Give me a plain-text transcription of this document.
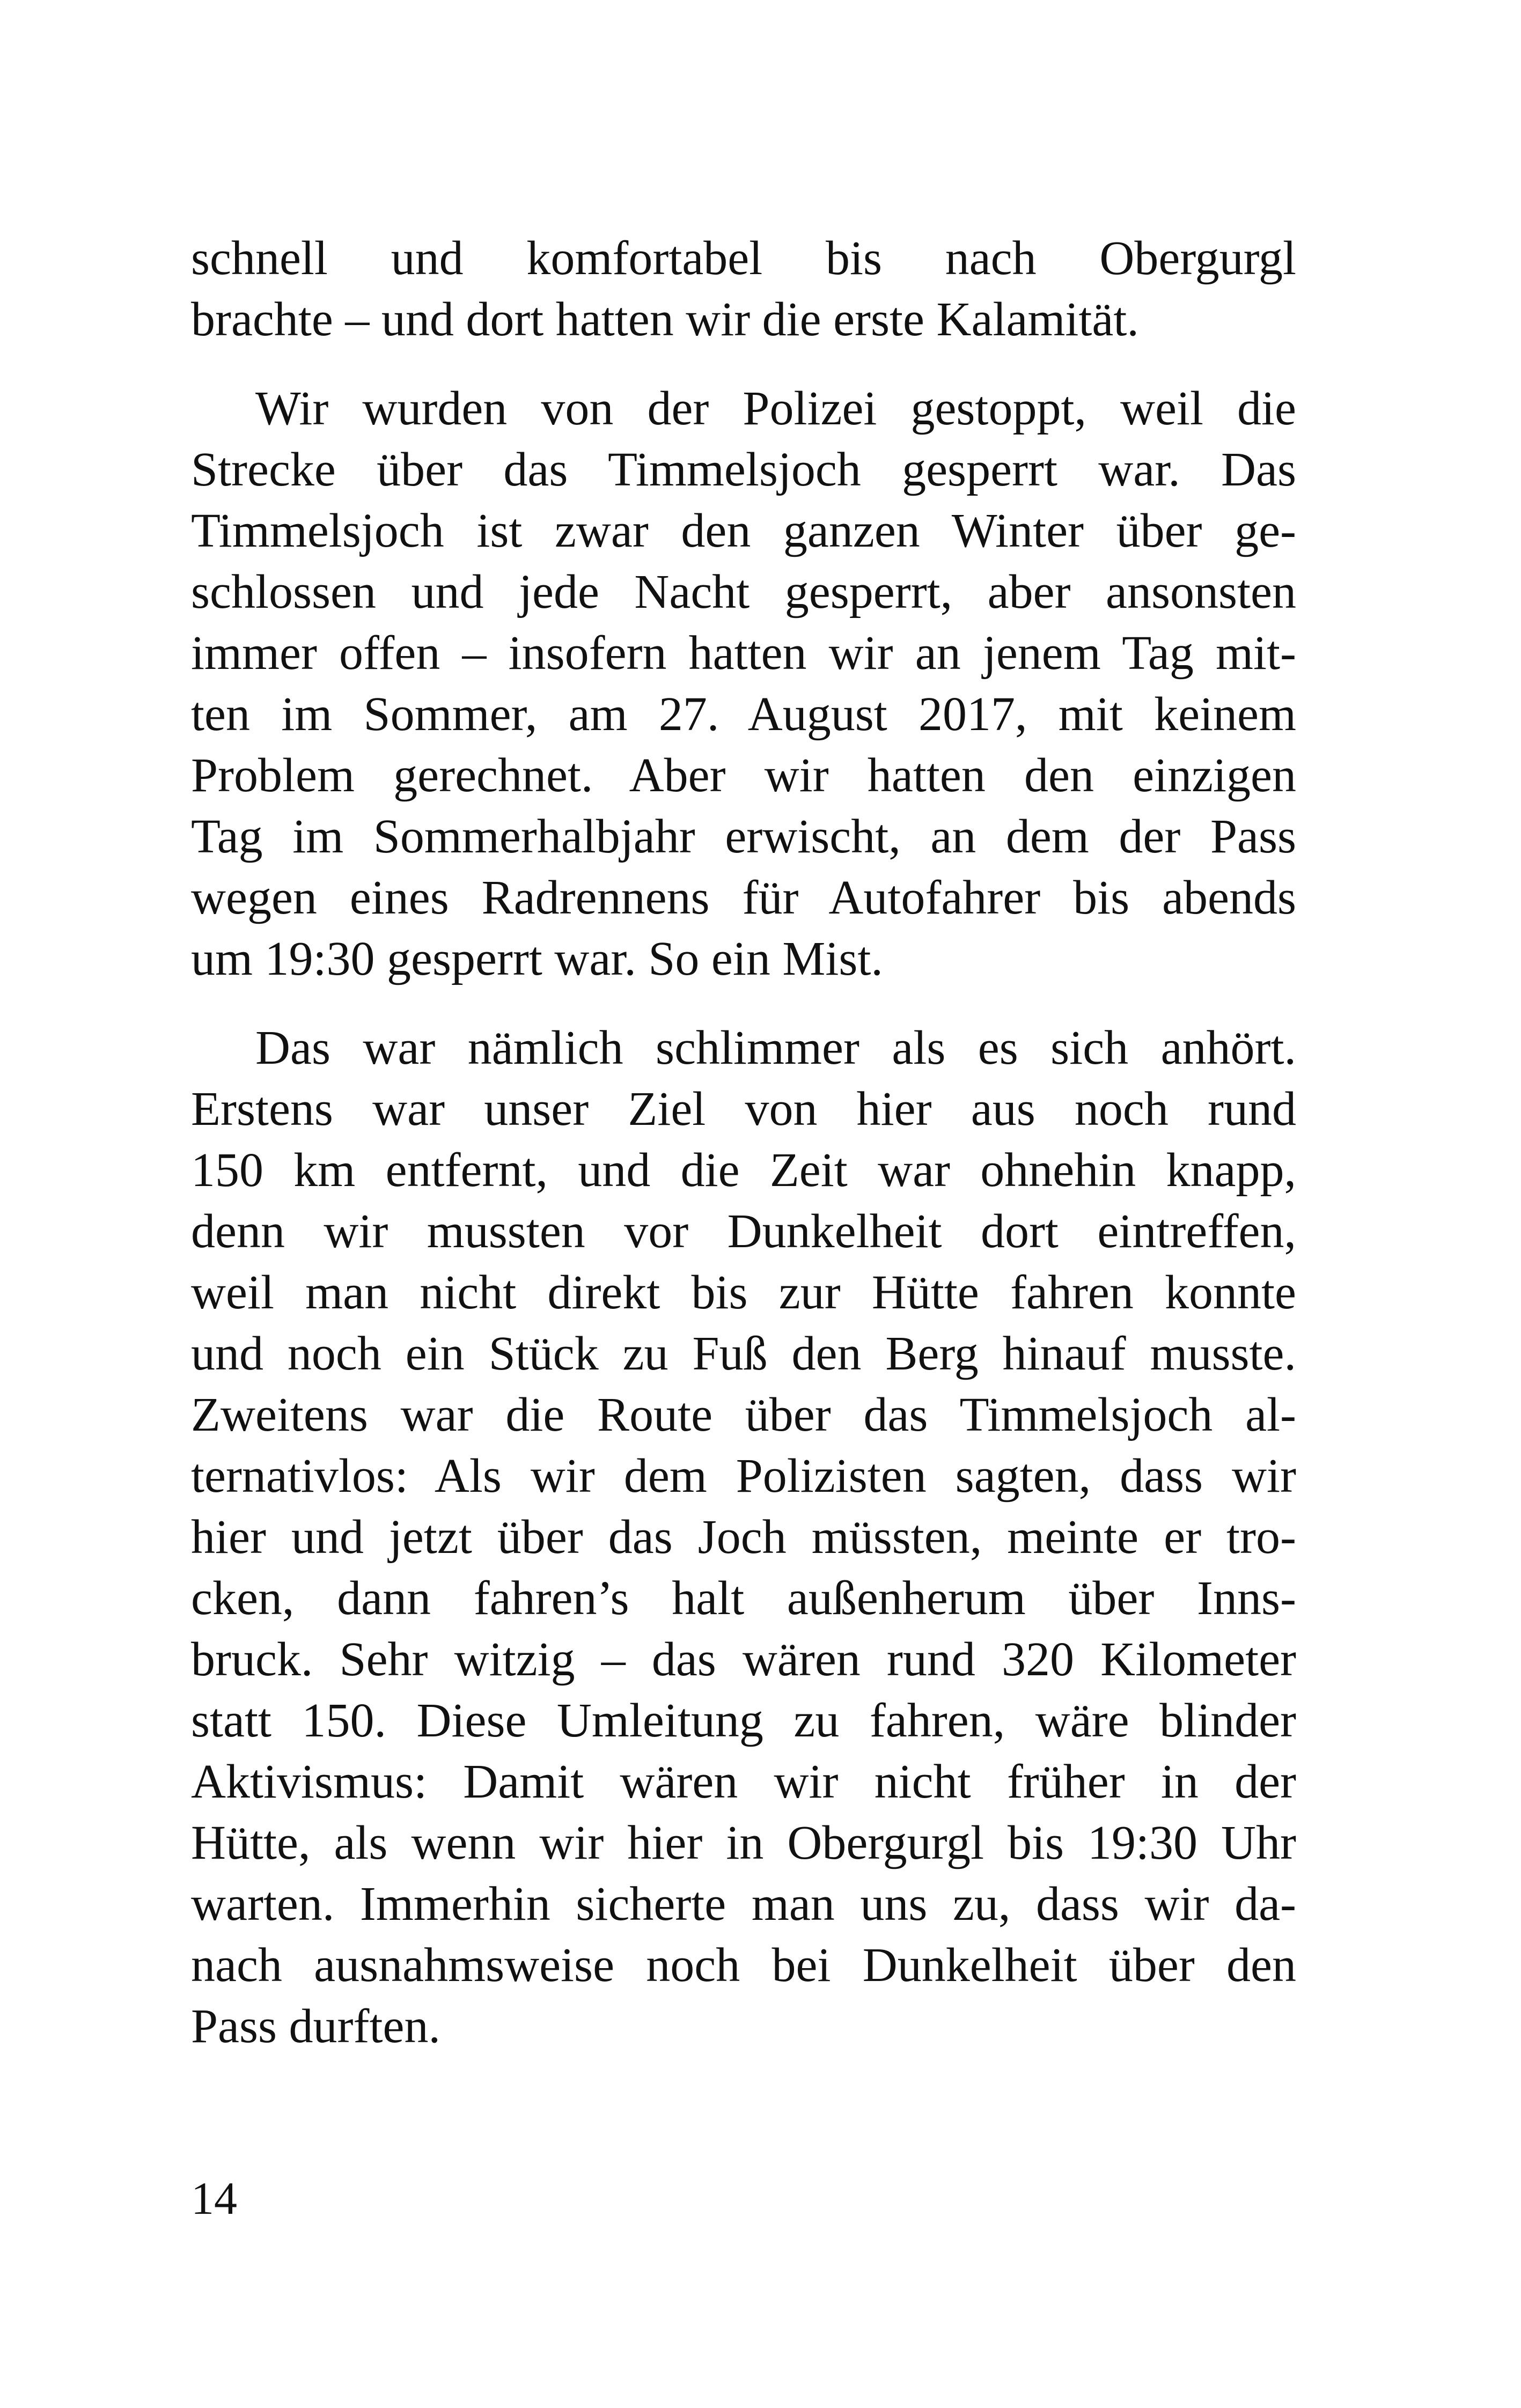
schnell und komfortabel bis nach Obergurgl
brachte – und dort hatten wir die erste Kalamität.
Wir wurden von der Polizei gestoppt, weil die
Strecke über das Timmelsjoch gesperrt war. Das
Timmelsjoch ist zwar den ganzen Winter über ge-
schlossen und jede Nacht gesperrt, aber ansonsten
immer offen – insofern hatten wir an jenem Tag mit-
ten im Sommer, am 27. August 2017, mit keinem
Problem gerechnet. Aber wir hatten den einzigen
Tag im Sommerhalbjahr erwischt, an dem der Pass
wegen eines Radrennens für Autofahrer bis abends
um 19:30 gesperrt war. So ein Mist.
Das war nämlich schlimmer als es sich anhört.
Erstens war unser Ziel von hier aus noch rund
150 km entfernt, und die Zeit war ohnehin knapp,
denn wir mussten vor Dunkelheit dort eintreffen,
weil man nicht direkt bis zur Hütte fahren konnte
und noch ein Stück zu Fuß den Berg hinauf musste.
Zweitens war die Route über das Timmelsjoch al-
ternativlos: Als wir dem Polizisten sagten, dass wir
hier und jetzt über das Joch müssten, meinte er tro-
cken, dann fahren’s halt außenherum über Inns-
bruck. Sehr witzig – das wären rund 320 Kilometer
statt 150. Diese Umleitung zu fahren, wäre blinder
Aktivismus: Damit wären wir nicht früher in der
Hütte, als wenn wir hier in Obergurgl bis 19:30 Uhr
warten. Immerhin sicherte man uns zu, dass wir da-
nach ausnahmsweise noch bei Dunkelheit über den
Pass durften.
14
